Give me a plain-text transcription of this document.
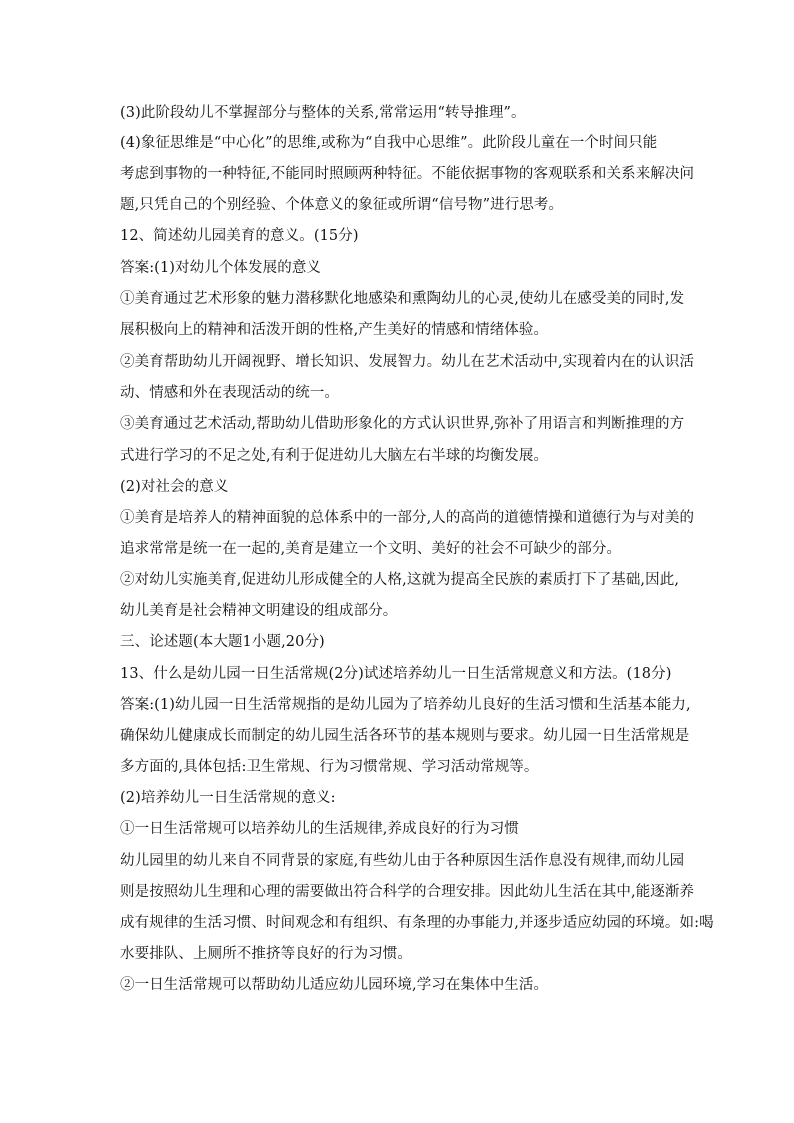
(3)此阶段幼儿不掌握部分与整体的关系,常常运用“转导推理”。
(4)象征思维是“中心化”的思维,或称为“自我中心思维”。此阶段儿童在一个时间只能
考虑到事物的一种特征,不能同时照顾两种特征。不能依据事物的客观联系和关系来解决问
题,只凭自己的个别经验、个体意义的象征或所谓“信号物”进行思考。
12、简述幼儿园美育的意义。(15分)
答案:(1)对幼儿个体发展的意义
①美育通过艺术形象的魅力潜移默化地感染和熏陶幼儿的心灵,使幼儿在感受美的同时,发
展积极向上的精神和活泼开朗的性格,产生美好的情感和情绪体验。
②美育帮助幼儿开阔视野、增长知识、发展智力。幼儿在艺术活动中,实现着内在的认识活
动、情感和外在表现活动的统一。
③美育通过艺术活动,帮助幼儿借助形象化的方式认识世界,弥补了用语言和判断推理的方
式进行学习的不足之处,有利于促进幼儿大脑左右半球的均衡发展。
(2)对社会的意义
①美育是培养人的精神面貌的总体系中的一部分,人的高尚的道德情操和道德行为与对美的
追求常常是统一在一起的,美育是建立一个文明、美好的社会不可缺少的部分。
②对幼儿实施美育,促进幼儿形成健全的人格,这就为提高全民族的素质打下了基础,因此,
幼儿美育是社会精神文明建设的组成部分。
三、论述题(本大题1小题,20分)
13、什么是幼儿园一日生活常规(2分)试述培养幼儿一日生活常规意义和方法。(18分)
答案:(1)幼儿园一日生活常规指的是幼儿园为了培养幼儿良好的生活习惯和生活基本能力,
确保幼儿健康成长而制定的幼儿园生活各环节的基本规则与要求。幼儿园一日生活常规是
多方面的,具体包括:卫生常规、行为习惯常规、学习活动常规等。
(2)培养幼儿一日生活常规的意义:
①一日生活常规可以培养幼儿的生活规律,养成良好的行为习惯
幼儿园里的幼儿来自不同背景的家庭,有些幼儿由于各种原因生活作息没有规律,而幼儿园
则是按照幼儿生理和心理的需要做出符合科学的合理安排。因此幼儿生活在其中,能逐渐养
成有规律的生活习惯、时间观念和有组织、有条理的办事能力,并逐步适应幼园的环境。如:喝
水要排队、上厕所不推挤等良好的行为习惯。
②一日生活常规可以帮助幼儿适应幼儿园环境,学习在集体中生活。
